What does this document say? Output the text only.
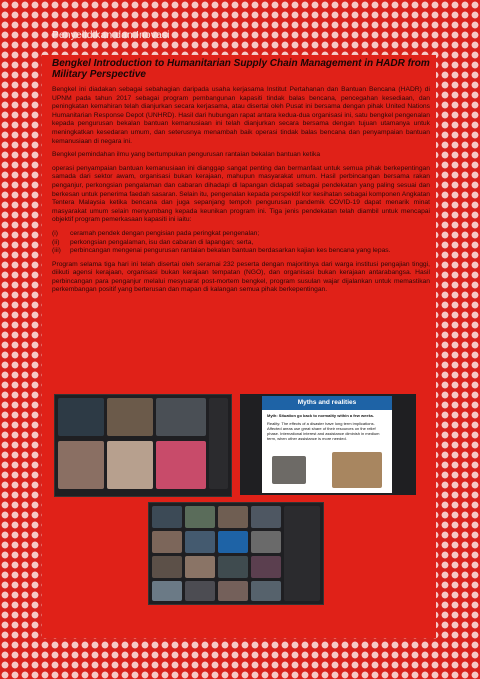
Penyelidikan dan Inovasi

Bengkel Introduction to Humanitarian Supply Chain Management in HADR from Military Perspective

Bengkel ini diadakan sebagai sebahagian daripada usaha kerjasama Institut Pertahanan dan Bantuan Bencana (HADR) di UPNM pada tahun 2017 sebagai program pembangunan kapasiti tindak balas bencana, pencegahan kesediaan, dan peningkatan kemahiran telah dianjurkan secara kerjasama, atau disertai oleh Pusat ini bersama dengan pihak United Nations Humanitarian Response Depot (UNHRD). Hasil dari hubungan rapat antara kedua-dua organisasi ini, satu bengkel pengenalan kepada pengurusan bekalan bantuan kemanusiaan ini telah dianjurkan secara bersama dengan tujuan utamanya untuk meningkatkan kesedaran umum, dan seterusnya menambah baik operasi tindak balas bencana dan penyampaian bantuan kemanusiaan di negara ini.

Bengkel pemindahan ilmu yang bertumpukan pengurusan rantaian bekalan bantuan ketika

operasi penyampaian bantuan kemanusiaan ini dianggap sangat penting dan bermanfaat untuk semua pihak berkepentingan samada dari sektor awam, organisasi bukan kerajaan, mahupun masyarakat umum. Hasil perbincangan bersama rakan penganjur, perkongsian pengalaman dan cabaran dihadapi di lapangan didapati sebagai pendekatan yang paling sesuai dan berkesan untuk penerima faedah sasaran. Selain itu, pengenalan kepada perspektif kor kesihatan sebagai komponen Angkatan Tentera Malaysia ketika bencana dan juga sepanjang tempoh pengurusan pandemik COVID-19 dapat menarik minat masyarakat umum selain menyumbang kepada keunikan program ini. Tiga jenis pendekatan telah diambil untuk mencapai objektif program pemerkasaan kapasiti ini iaitu:

(i)	ceramah pendek dengan pengisian pada peringkat pengenalan;
(ii)	perkongsian pengalaman, isu dan cabaran di lapangan; serta,
(iii)	perbincangan mengenai pengurusan rantaian bekalan bantuan berdasarkan kajian kes bencana yang lepas.

Program selama tiga hari ini telah disertai oleh seramai 232 peserta dengan majoritinya dari warga institusi pengajian tinggi, diikuti agensi kerajaan, organisasi bukan kerajaan tempatan (NGO), dan organisasi bukan kerajaan antarabangsa. Hasil perbincangan para penganjur melalui mesyuarat post-mortem bengkel, program susulan wajar dijalankan untuk memastikan perkembangan positif yang berterusan dan mapan di kalangan semua pihak berkepentingan.

Myths and realities
Myth: Situation go back to normality within a few weeks.
Reality: The effects of a disaster have long term implications. Affected areas use great share of their resources on the relief phase. International interest and assistance diminish in medium term, when other assistance is more needed.
